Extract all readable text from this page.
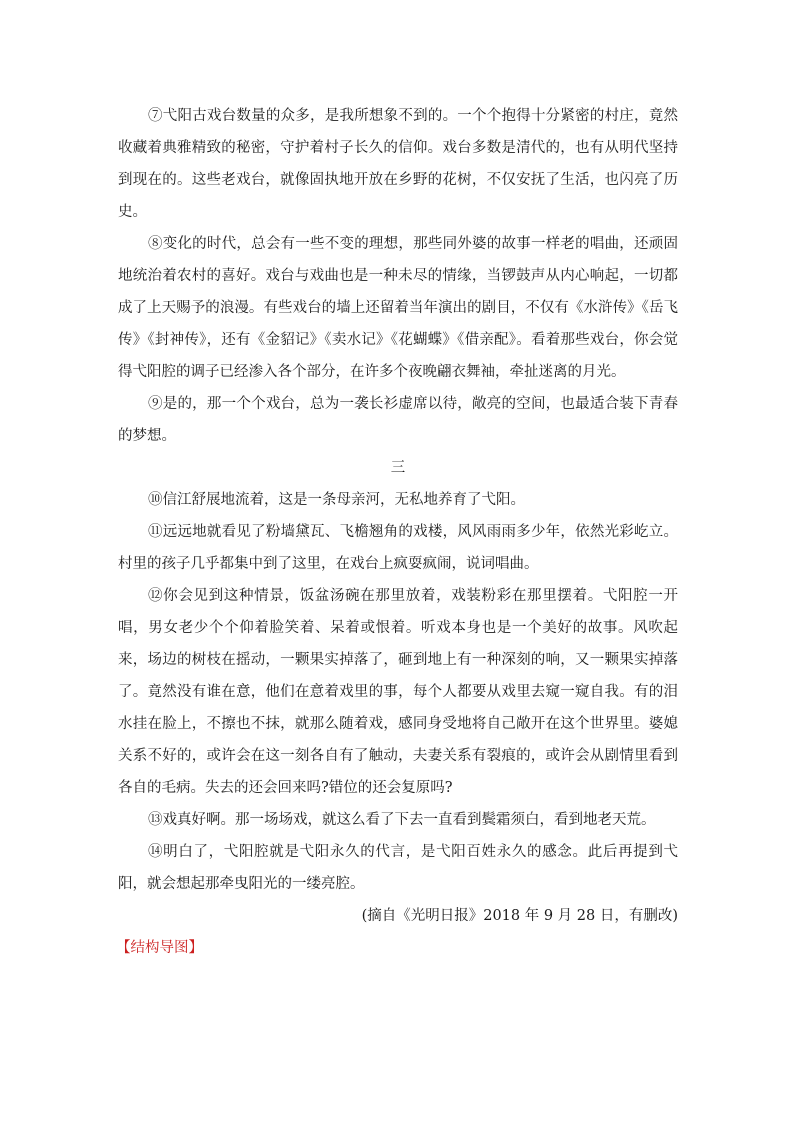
⑦弋阳古戏台数量的众多，是我所想象不到的。一个个抱得十分紧密的村庄，竟然收藏着典雅精致的秘密，守护着村子长久的信仰。戏台多数是清代的，也有从明代坚持到现在的。这些老戏台，就像固执地开放在乡野的花树，不仅安抚了生活，也闪亮了历史。

⑧变化的时代，总会有一些不变的理想，那些同外婆的故事一样老的唱曲，还顽固地统治着农村的喜好。戏台与戏曲也是一种未尽的情缘，当锣鼓声从内心响起，一切都成了上天赐予的浪漫。有些戏台的墙上还留着当年演出的剧目，不仅有《水浒传》《岳飞传》《封神传》，还有《金貂记》《卖水记》《花蝴蝶》《借亲配》。看着那些戏台，你会觉得弋阳腔的调子已经渗入各个部分，在许多个夜晚翩衣舞袖，牵扯迷离的月光。

⑨是的，那一个个戏台，总为一袭长衫虚席以待，敞亮的空间，也最适合装下青春的梦想。

三

⑩信江舒展地流着，这是一条母亲河，无私地养育了弋阳。

⑪远远地就看见了粉墙黛瓦、飞檐翘角的戏楼，风风雨雨多少年，依然光彩屹立。村里的孩子几乎都集中到了这里，在戏台上疯耍疯闹，说词唱曲。

⑫你会见到这种情景，饭盆汤碗在那里放着，戏装粉彩在那里摆着。弋阳腔一开唱，男女老少个个仰着脸笑着、呆着或恨着。听戏本身也是一个美好的故事。风吹起来，场边的树枝在摇动，一颗果实掉落了，砸到地上有一种深刻的响，又一颗果实掉落了。竟然没有谁在意，他们在意着戏里的事，每个人都要从戏里去窥一窥自我。有的泪水挂在脸上，不擦也不抹，就那么随着戏，感同身受地将自己敞开在这个世界里。婆媳关系不好的，或许会在这一刻各自有了触动，夫妻关系有裂痕的，或许会从剧情里看到各自的毛病。失去的还会回来吗?错位的还会复原吗?

⑬戏真好啊。那一场场戏，就这么看了下去一直看到鬓霜须白，看到地老天荒。

⑭明白了，弋阳腔就是弋阳永久的代言，是弋阳百姓永久的感念。此后再提到弋阳，就会想起那牵曳阳光的一缕亮腔。

(摘自《光明日报》2018 年 9 月 28 日，有删改)

【结构导图】
